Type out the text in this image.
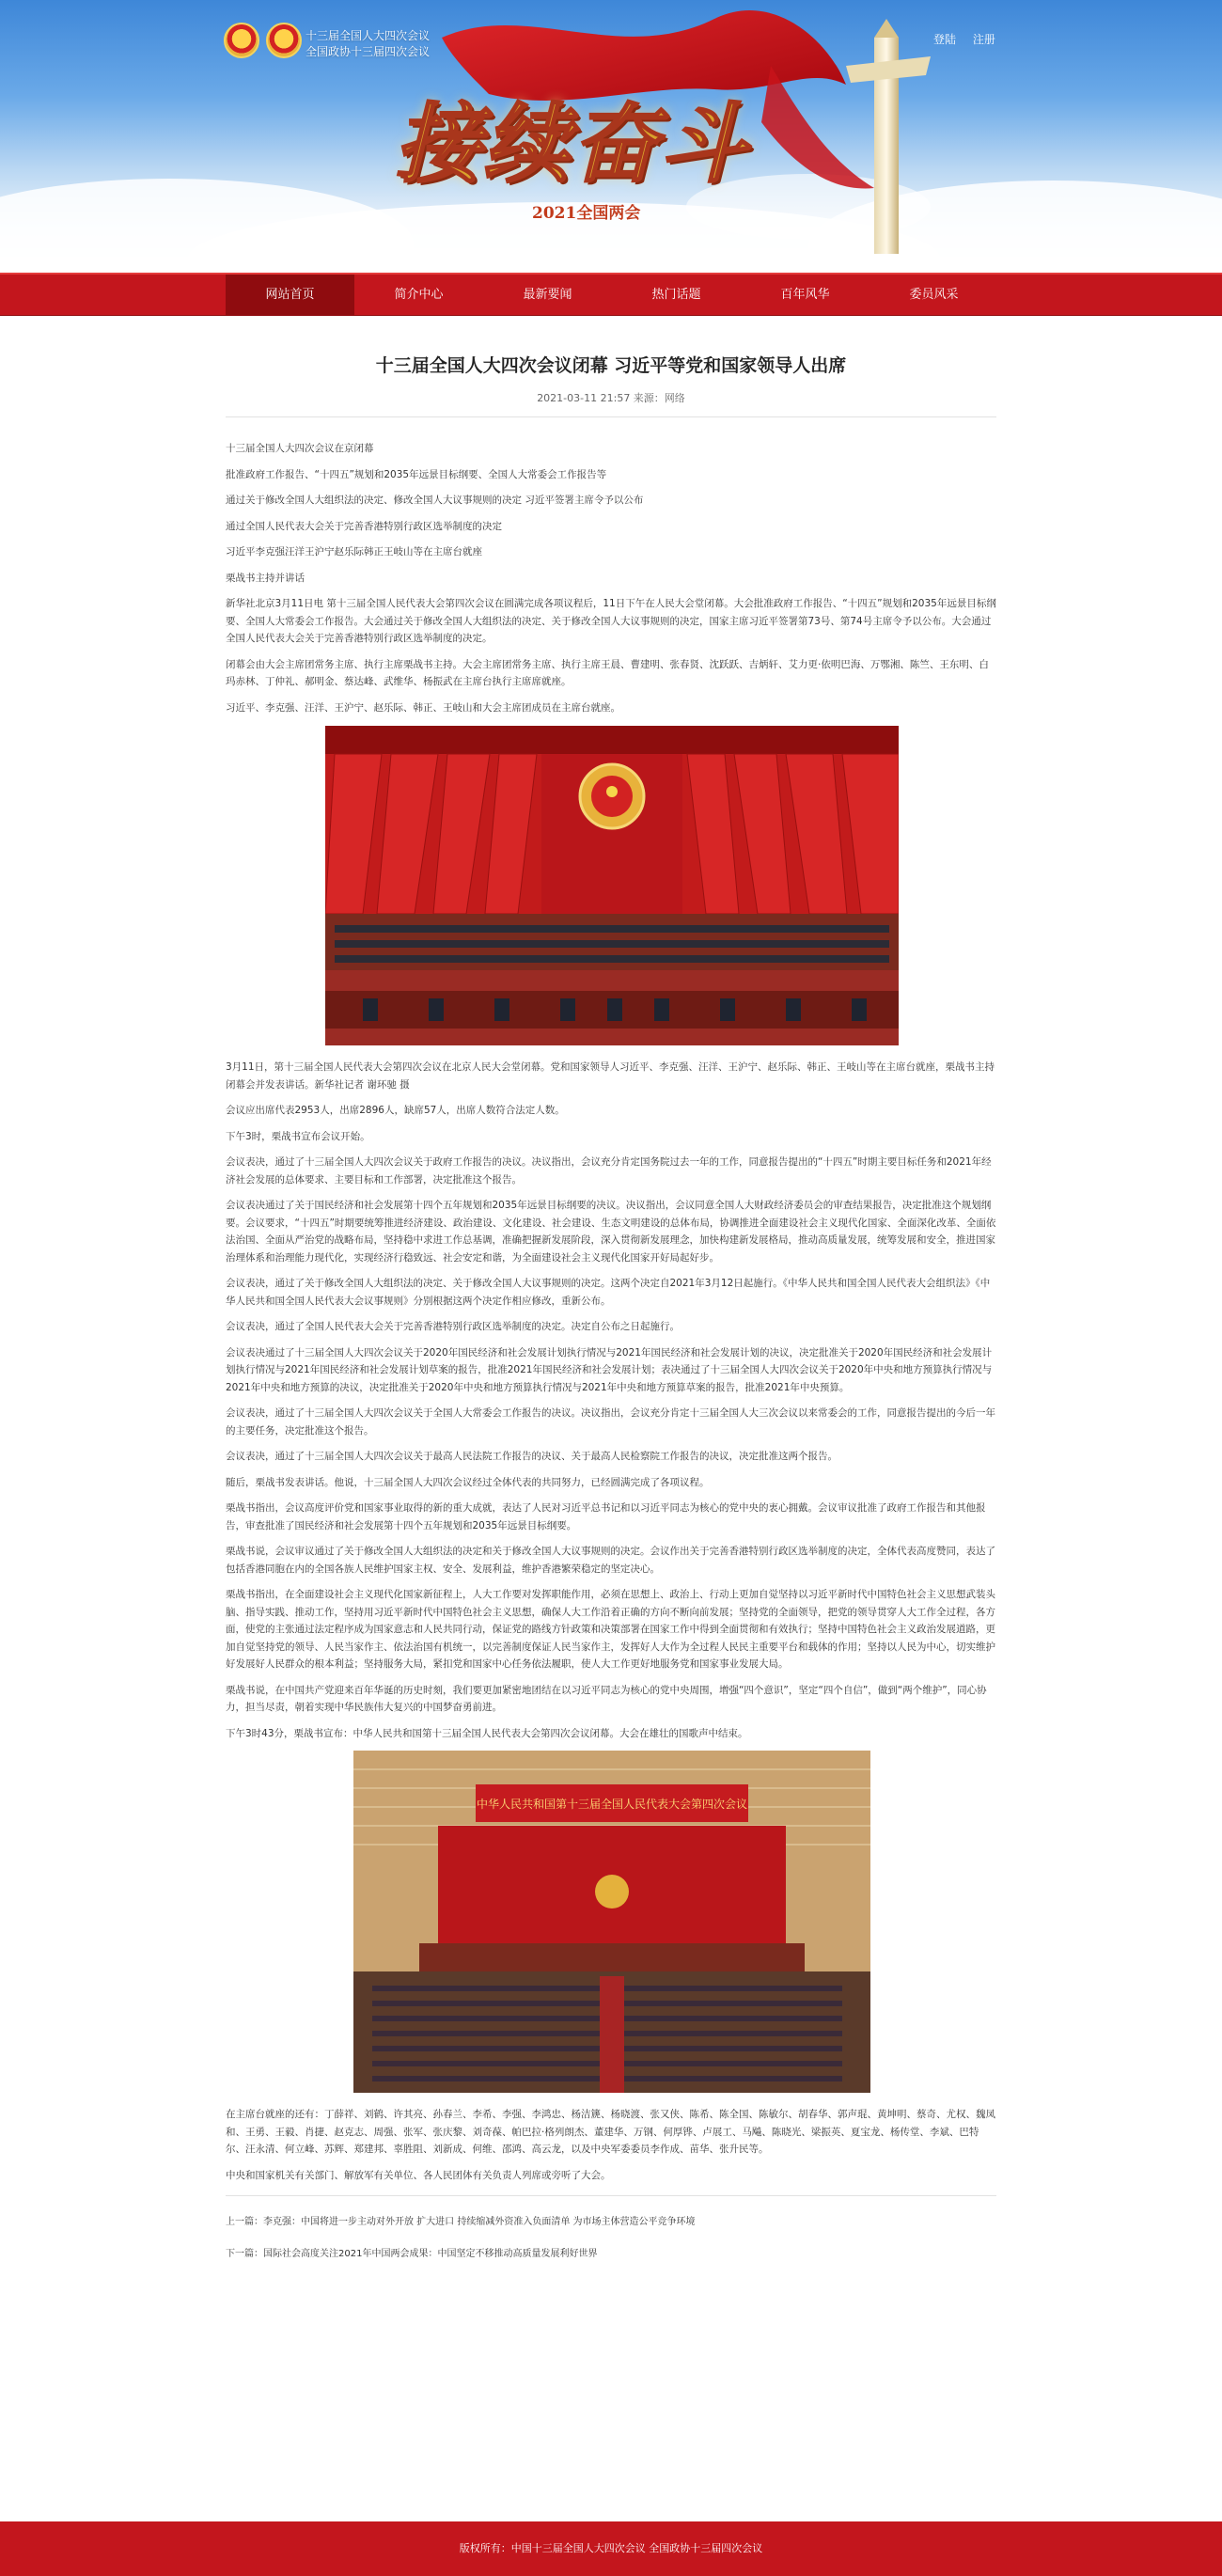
十三届全国人大四次会议
全国政协十三届四次会议
登陆 注册
接续奋斗
2021全国两会
网站首页	简介中心	最新要闻	热门话题	百年风华	委员风采
十三届全国人大四次会议闭幕 习近平等党和国家领导人出席
2021-03-11 21:57 来源：网络

十三届全国人大四次会议在京闭幕

批准政府工作报告、“十四五”规划和2035年远景目标纲要、全国人大常委会工作报告等

通过关于修改全国人大组织法的决定、修改全国人大议事规则的决定 习近平签署主席令予以公布

通过全国人民代表大会关于完善香港特别行政区选举制度的决定

习近平李克强汪洋王沪宁赵乐际韩正王岐山等在主席台就座

栗战书主持并讲话

新华社北京3月11日电 第十三届全国人民代表大会第四次会议在圆满完成各项议程后，11日下午在人民大会堂闭幕。大会批准政府工作报告、“十四五”规划和2035年远景目标纲要、全国人大常委会工作报告。大会通过关于修改全国人大组织法的决定、关于修改全国人大议事规则的决定，国家主席习近平签署第73号、第74号主席令予以公布。大会通过全国人民代表大会关于完善香港特别行政区选举制度的决定。

闭幕会由大会主席团常务主席、执行主席栗战书主持。大会主席团常务主席、执行主席王晨、曹建明、张春贤、沈跃跃、吉炳轩、艾力更·依明巴海、万鄂湘、陈竺、王东明、白玛赤林、丁仲礼、郝明金、蔡达峰、武维华、杨振武在主席台执行主席席就座。

习近平、李克强、汪洋、王沪宁、赵乐际、韩正、王岐山和大会主席团成员在主席台就座。

3月11日，第十三届全国人民代表大会第四次会议在北京人民大会堂闭幕。党和国家领导人习近平、李克强、汪洋、王沪宁、赵乐际、韩正、王岐山等在主席台就座，栗战书主持闭幕会并发表讲话。新华社记者 谢环驰 摄

会议应出席代表2953人，出席2896人，缺席57人，出席人数符合法定人数。

下午3时，栗战书宣布会议开始。

会议表决，通过了十三届全国人大四次会议关于政府工作报告的决议。决议指出，会议充分肯定国务院过去一年的工作，同意报告提出的“十四五”时期主要目标任务和2021年经济社会发展的总体要求、主要目标和工作部署，决定批准这个报告。

会议表决通过了关于国民经济和社会发展第十四个五年规划和2035年远景目标纲要的决议。决议指出，会议同意全国人大财政经济委员会的审查结果报告，决定批准这个规划纲要。会议要求，“十四五”时期要统筹推进经济建设、政治建设、文化建设、社会建设、生态文明建设的总体布局，协调推进全面建设社会主义现代化国家、全面深化改革、全面依法治国、全面从严治党的战略布局，坚持稳中求进工作总基调，准确把握新发展阶段，深入贯彻新发展理念，加快构建新发展格局，推动高质量发展，统筹发展和安全，推进国家治理体系和治理能力现代化，实现经济行稳致远、社会安定和谐，为全面建设社会主义现代化国家开好局起好步。

会议表决，通过了关于修改全国人大组织法的决定、关于修改全国人大议事规则的决定。这两个决定自2021年3月12日起施行。《中华人民共和国全国人民代表大会组织法》《中华人民共和国全国人民代表大会议事规则》分别根据这两个决定作相应修改，重新公布。

会议表决，通过了全国人民代表大会关于完善香港特别行政区选举制度的决定。决定自公布之日起施行。

会议表决通过了十三届全国人大四次会议关于2020年国民经济和社会发展计划执行情况与2021年国民经济和社会发展计划的决议，决定批准关于2020年国民经济和社会发展计划执行情况与2021年国民经济和社会发展计划草案的报告，批准2021年国民经济和社会发展计划；表决通过了十三届全国人大四次会议关于2020年中央和地方预算执行情况与2021年中央和地方预算的决议，决定批准关于2020年中央和地方预算执行情况与2021年中央和地方预算草案的报告，批准2021年中央预算。

会议表决，通过了十三届全国人大四次会议关于全国人大常委会工作报告的决议。决议指出，会议充分肯定十三届全国人大三次会议以来常委会的工作，同意报告提出的今后一年的主要任务，决定批准这个报告。

会议表决，通过了十三届全国人大四次会议关于最高人民法院工作报告的决议、关于最高人民检察院工作报告的决议，决定批准这两个报告。

随后，栗战书发表讲话。他说，十三届全国人大四次会议经过全体代表的共同努力，已经圆满完成了各项议程。

栗战书指出，会议高度评价党和国家事业取得的新的重大成就，表达了人民对习近平总书记和以习近平同志为核心的党中央的衷心拥戴。会议审议批准了政府工作报告和其他报告，审查批准了国民经济和社会发展第十四个五年规划和2035年远景目标纲要。

栗战书说，会议审议通过了关于修改全国人大组织法的决定和关于修改全国人大议事规则的决定。会议作出关于完善香港特别行政区选举制度的决定，全体代表高度赞同，表达了包括香港同胞在内的全国各族人民维护国家主权、安全、发展利益，维护香港繁荣稳定的坚定决心。

栗战书指出，在全面建设社会主义现代化国家新征程上，人大工作要对发挥职能作用，必须在思想上、政治上、行动上更加自觉坚持以习近平新时代中国特色社会主义思想武装头脑、指导实践、推动工作，坚持用习近平新时代中国特色社会主义思想，确保人大工作沿着正确的方向不断向前发展；坚持党的全面领导，把党的领导贯穿人大工作全过程，各方面，使党的主张通过法定程序成为国家意志和人民共同行动，保证党的路线方针政策和决策部署在国家工作中得到全面贯彻和有效执行；坚持中国特色社会主义政治发展道路，更加自觉坚持党的领导、人民当家作主、依法治国有机统一，以完善制度保证人民当家作主，发挥好人大作为全过程人民民主重要平台和载体的作用；坚持以人民为中心，切实维护好发展好人民群众的根本利益；坚持服务大局，紧扣党和国家中心任务依法履职，使人大工作更好地服务党和国家事业发展大局。

栗战书说，在中国共产党迎来百年华诞的历史时刻，我们要更加紧密地团结在以习近平同志为核心的党中央周围，增强“四个意识”，坚定“四个自信”，做到“两个维护”，同心协力，担当尽责，朝着实现中华民族伟大复兴的中国梦奋勇前进。

下午3时43分，栗战书宣布：中华人民共和国第十三届全国人民代表大会第四次会议闭幕。大会在雄壮的国歌声中结束。

中华人民共和国第十三届全国人民代表大会第四次会议

在主席台就座的还有：丁薛祥、刘鹤、许其亮、孙春兰、李希、李强、李鸿忠、杨洁篪、杨晓渡、张又侠、陈希、陈全国、陈敏尔、胡春华、郭声琨、黄坤明、蔡奇、尤权、魏凤和、王勇、王毅、肖捷、赵克志、周强、张军、张庆黎、刘奇葆、帕巴拉·格列朗杰、董建华、万钢、何厚铧、卢展工、马飚、陈晓光、梁振英、夏宝龙、杨传堂、李斌、巴特尔、汪永清、何立峰、苏辉、郑建邦、辜胜阻、刘新成、何维、邵鸿、高云龙，以及中央军委委员李作成、苗华、张升民等。

中央和国家机关有关部门、解放军有关单位、各人民团体有关负责人列席或旁听了大会。

上一篇：李克强：中国将进一步主动对外开放 扩大进口 持续缩减外资准入负面清单 为市场主体营造公平竞争环境

下一篇：国际社会高度关注2021年中国两会成果：中国坚定不移推动高质量发展利好世界

版权所有：中国十三届全国人大四次会议 全国政协十三届四次会议
